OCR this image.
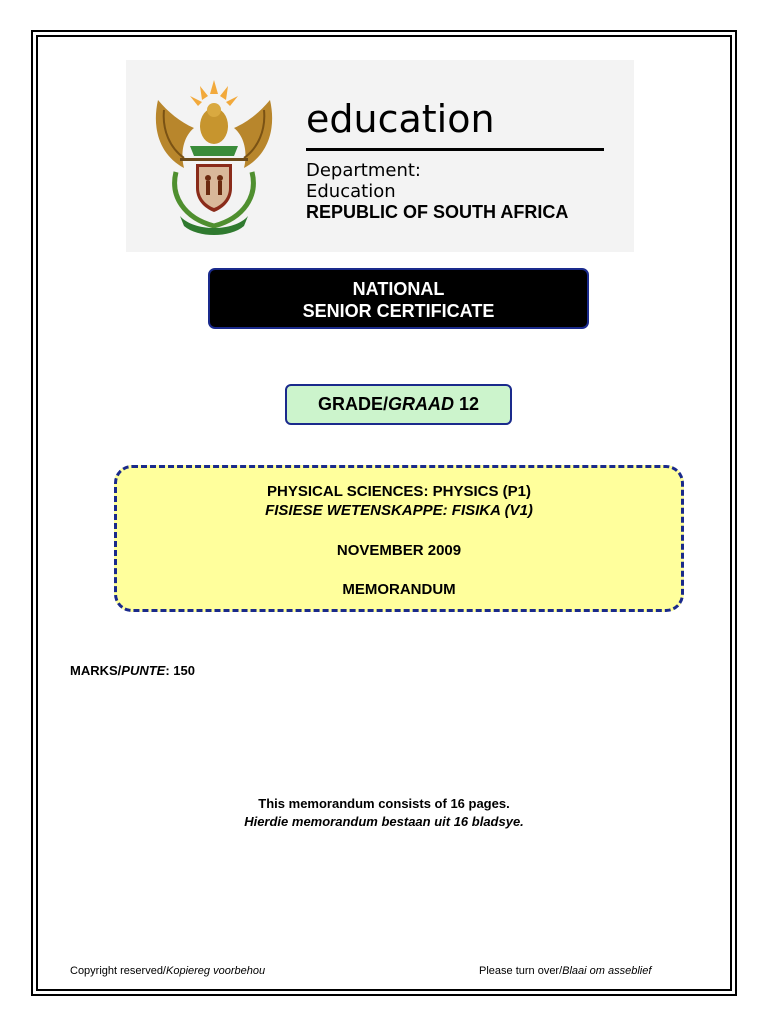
education
Department:
Education
REPUBLIC OF SOUTH AFRICA
NATIONAL
SENIOR CERTIFICATE
GRADE/GRAAD 12
PHYSICAL SCIENCES: PHYSICS (P1)
FISIESE WETENSKAPPE: FISIKA (V1)
NOVEMBER 2009
MEMORANDUM
MARKS/PUNTE: 150
This memorandum consists of 16 pages.
Hierdie memorandum bestaan uit 16 bladsye.
Copyright reserved/Kopiereg voorbehou	Please turn over/Blaai om asseblief
